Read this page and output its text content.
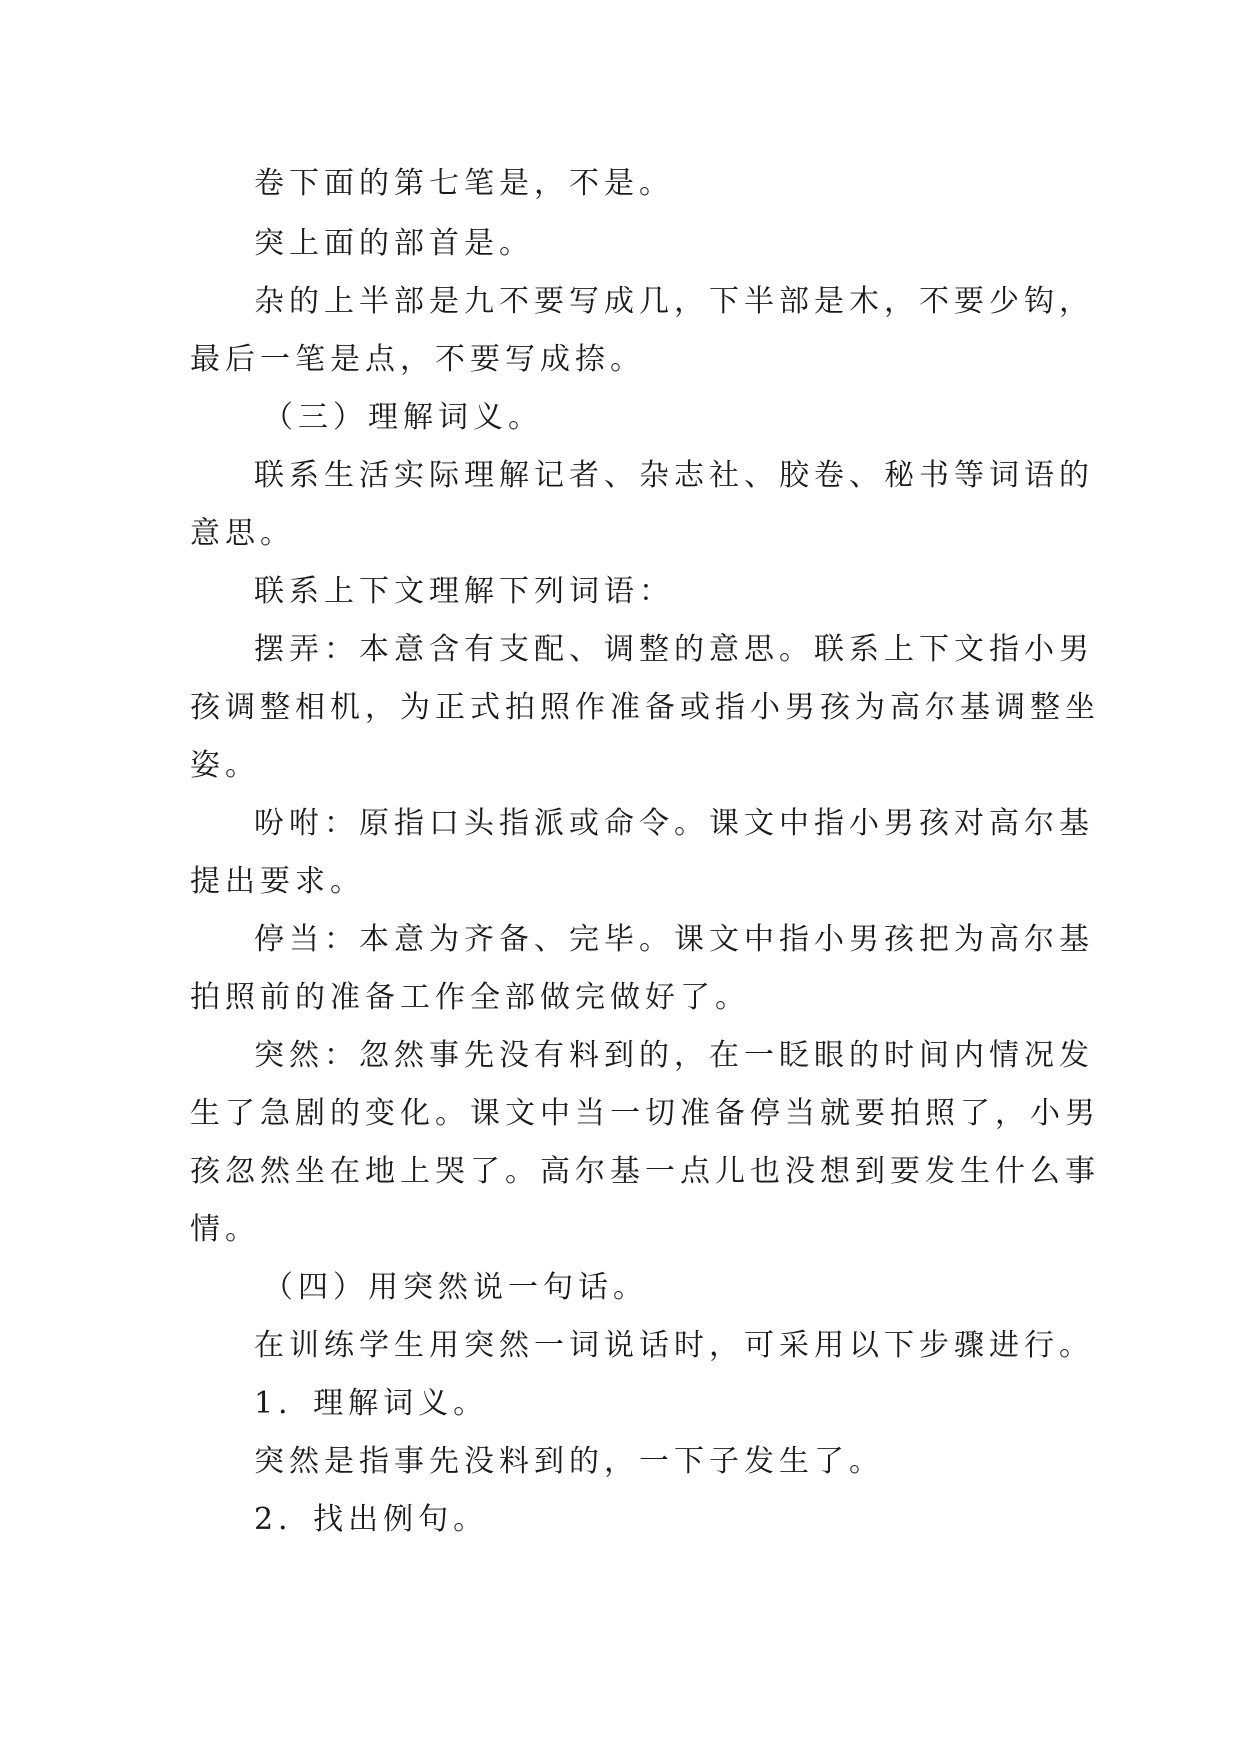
卷下面的第七笔是，不是。

突上面的部首是。

杂的上半部是九不要写成几，下半部是木，不要少钩，

最后一笔是点，不要写成捺。

（三）理解词义。

联系生活实际理解记者、杂志社、胶卷、秘书等词语的

意思。

联系上下文理解下列词语：

摆弄：本意含有支配、调整的意思。联系上下文指小男

孩调整相机，为正式拍照作准备或指小男孩为高尔基调整坐

姿。

吩咐：原指口头指派或命令。课文中指小男孩对高尔基

提出要求。

停当：本意为齐备、完毕。课文中指小男孩把为高尔基

拍照前的准备工作全部做完做好了。

突然：忽然事先没有料到的，在一眨眼的时间内情况发

生了急剧的变化。课文中当一切准备停当就要拍照了，小男

孩忽然坐在地上哭了。高尔基一点儿也没想到要发生什么事

情。

（四）用突然说一句话。

在训练学生用突然一词说话时，可采用以下步骤进行。

1．理解词义。

突然是指事先没料到的，一下子发生了。

2．找出例句。
